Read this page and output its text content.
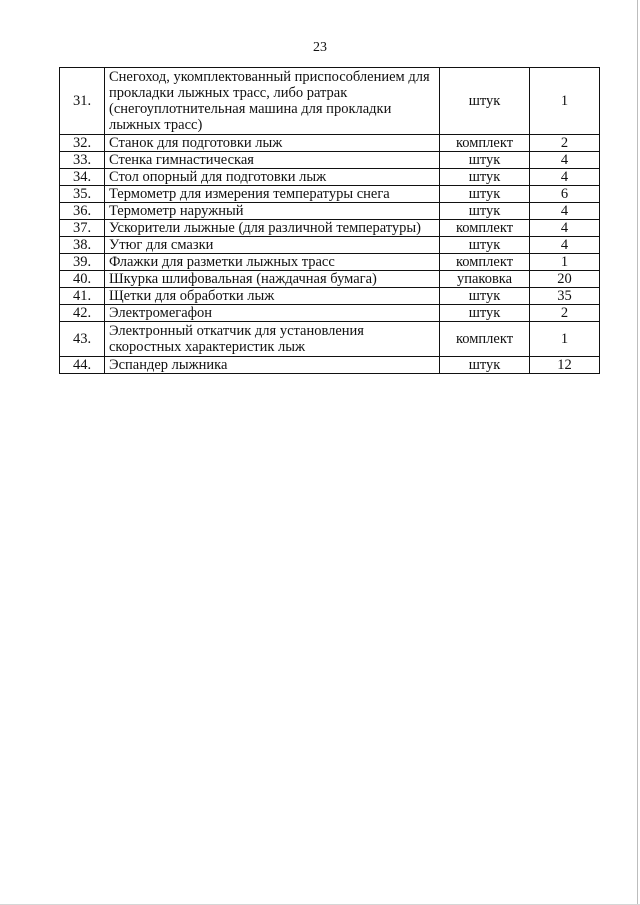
23
31.	Снегоход, укомплектованный приспособлением для прокладки лыжных трасс, либо ратрак (снегоуплотнительная машина для прокладки лыжных трасс)	штук	1
32.	Станок для подготовки лыж	комплект	2
33.	Стенка гимнастическая	штук	4
34.	Стол опорный для подготовки лыж	штук	4
35.	Термометр для измерения температуры снега	штук	6
36.	Термометр наружный	штук	4
37.	Ускорители лыжные (для различной температуры)	комплект	4
38.	Утюг для смазки	штук	4
39.	Флажки для разметки лыжных трасс	комплект	1
40.	Шкурка шлифовальная (наждачная бумага)	упаковка	20
41.	Щетки для обработки лыж	штук	35
42.	Электромегафон	штук	2
43.	Электронный откатчик для установления скоростных характеристик лыж	комплект	1
44.	Эспандер лыжника	штук	12
